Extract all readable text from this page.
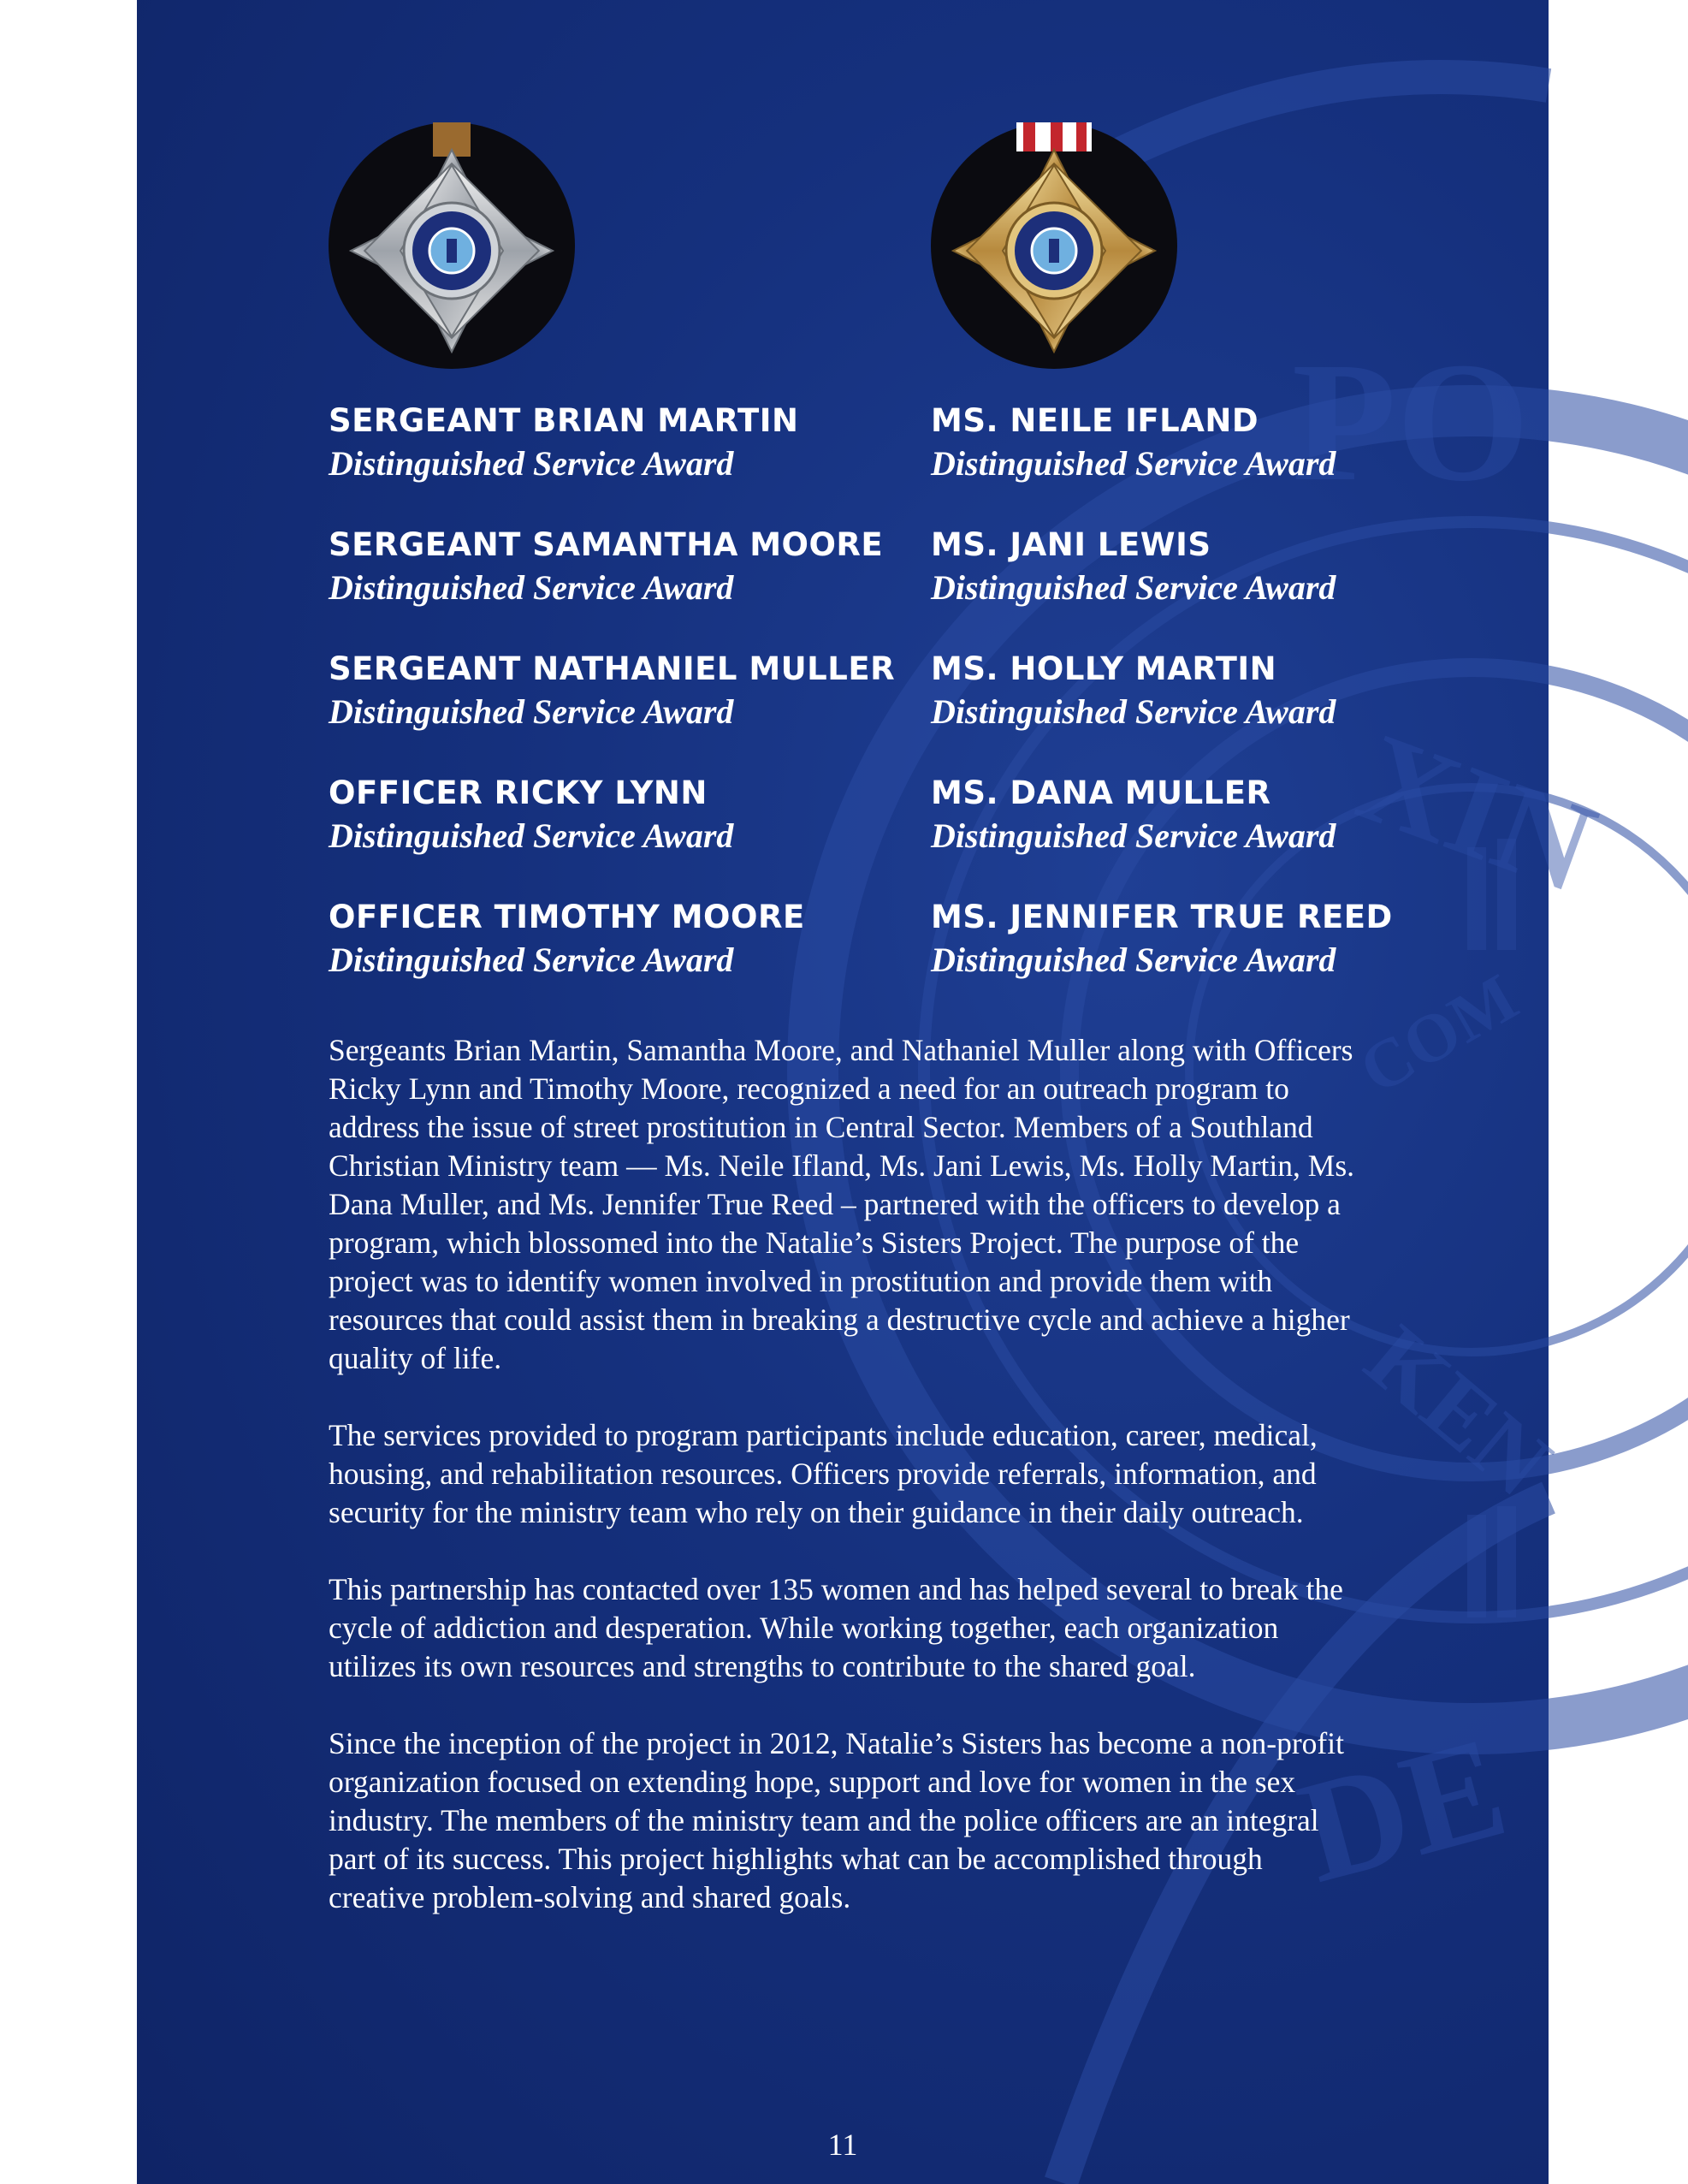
PO
XIN
DE
KEN
COM
SERGEANT BRIAN MARTIN
Distinguished Service Award
SERGEANT SAMANTHA MOORE
Distinguished Service Award
SERGEANT NATHANIEL MULLER
Distinguished Service Award
OFFICER RICKY LYNN
Distinguished Service Award
OFFICER TIMOTHY MOORE
Distinguished Service Award
MS. NEILE IFLAND
Distinguished Service Award
MS. JANI LEWIS
Distinguished Service Award
MS. HOLLY MARTIN
Distinguished Service Award
MS. DANA MULLER
Distinguished Service Award
MS. JENNIFER TRUE REED
Distinguished Service Award

Sergeants Brian Martin, Samantha Moore, and Nathaniel Muller along with Officers Ricky Lynn and Timothy Moore, recognized a need for an outreach program to address the issue of street prostitution in Central Sector. Members of a Southland Christian Ministry team — Ms. Neile Ifland, Ms. Jani Lewis, Ms. Holly Martin, Ms. Dana Muller, and Ms. Jennifer True Reed – partnered with the officers to develop a program, which blossomed into the Natalie’s Sisters Project. The purpose of the project was to identify women involved in prostitution and provide them with resources that could assist them in breaking a destructive cycle and achieve a higher quality of life.

The services provided to program participants include education, career, medical, housing, and rehabilitation resources. Officers provide referrals, information, and security for the ministry team who rely on their guidance in their daily outreach.

This partnership has contacted over 135 women and has helped several to break the cycle of addiction and desperation. While working together, each organization utilizes its own resources and strengths to contribute to the shared goal.

Since the inception of the project in 2012, Natalie’s Sisters has become a non-profit organization focused on extending hope, support and love for women in the sex industry. The members of the ministry team and the police officers are an integral part of its success. This project highlights what can be accomplished through creative problem-solving and shared goals.

11
